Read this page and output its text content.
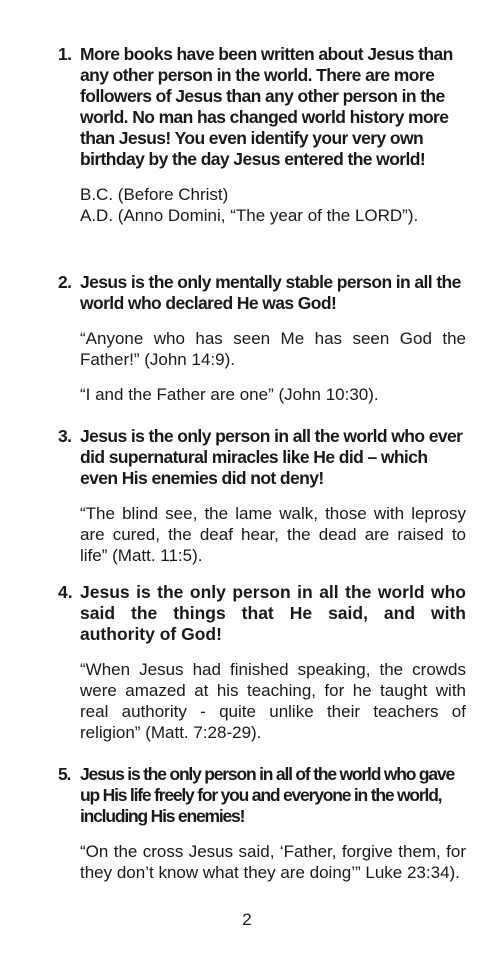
1. More books have been written about Jesus than any other person in the world. There are more followers of Jesus than any other person in the world. No man has changed world history more than Jesus! You even identify your very own birthday by the day Jesus entered the world!

B.C. (Before Christ)

A.D. (Anno Domini, “The year of the LORD”).

2. Jesus is the only mentally stable person in all the world who declared He was God!

“Anyone who has seen Me has seen God the Father!” (John 14:9).

“I and the Father are one” (John 10:30).

3. Jesus is the only person in all the world who ever did supernatural miracles like He did – which even His enemies did not deny!

“The blind see, the lame walk, those with leprosy are cured, the deaf hear, the dead are raised to life” (Matt. 11:5).

4. Jesus is the only person in all the world who said the things that He said, and with authority of God!

“When Jesus had finished speaking, the crowds were amazed at his teaching, for he taught with real authority - quite unlike their teachers of religion” (Matt. 7:28-29).

5. Jesus is the only person in all of the world who gave up His life freely for you and everyone in the world, including His enemies!

“On the cross Jesus said, ‘Father, forgive them, for they don’t know what they are doing’” Luke 23:34).

2
